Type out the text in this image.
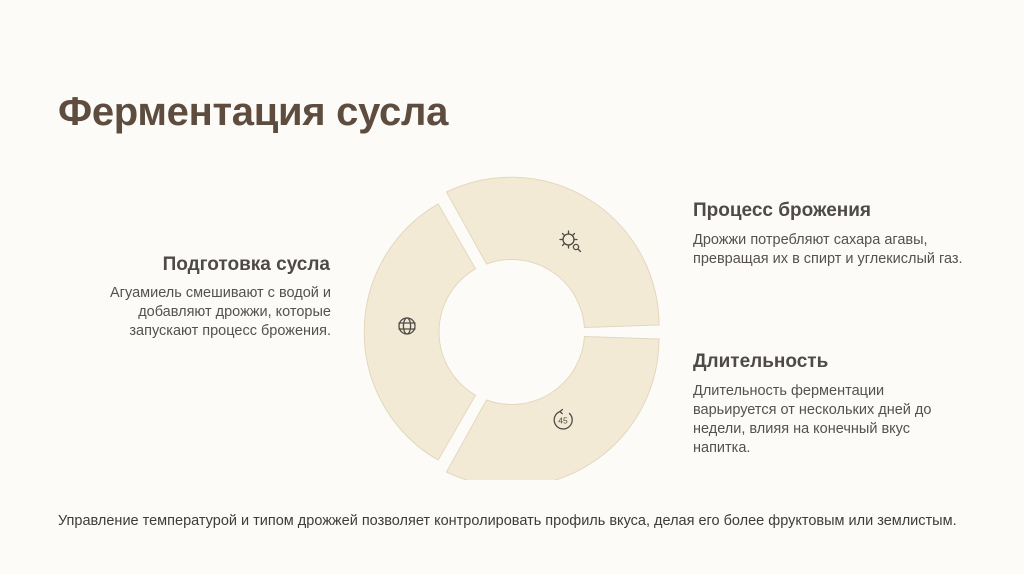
Ферментация сусла
Подготовка сусла

Агуамиель смешивают с водой и добавляют дрожжи, которые запускают процесс брожения.

Процесс брожения

Дрожжи потребляют сахара агавы, превращая их в спирт и углекислый газ.

Длительность

Длительность ферментации варьируется от нескольких дней до недели, влияя на конечный вкус напитка.

45

Управление температурой и типом дрожжей позволяет контролировать профиль вкуса, делая его более фруктовым или землистым.
